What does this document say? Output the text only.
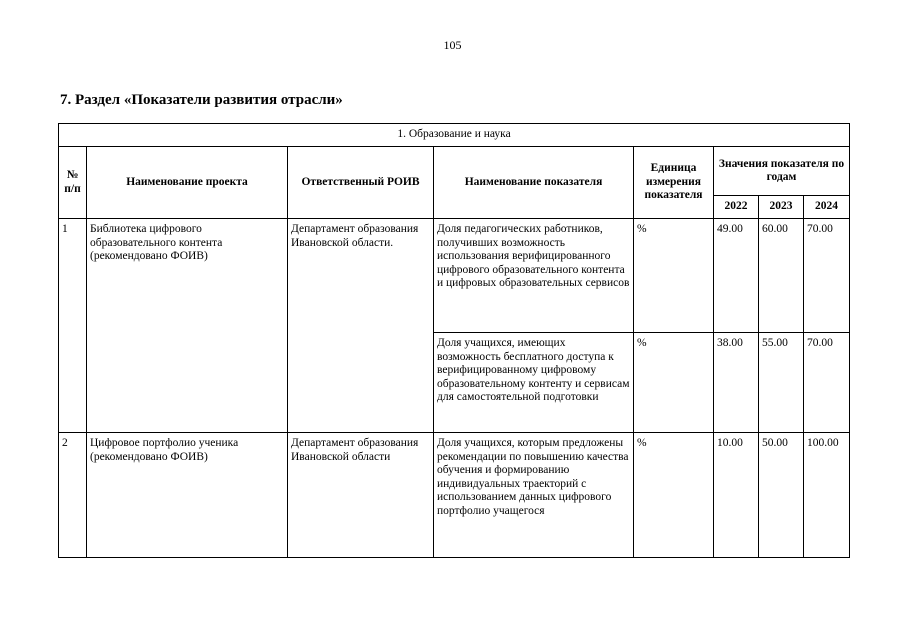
105
7. Раздел «Показатели развития отрасли»
1. Образование и наука							
№ п/п	Наименование проекта	Ответственный РОИВ	Наименование показателя	Единица измерения показателя	Значения показателя по годам		
					2022	2023	2024
1	Библиотека цифрового образовательного контента (рекомендовано ФОИВ)	Департамент образования Ивановской области.	Доля педагогических работников, получивших возможность использования верифицированного цифрового образовательного контента и цифровых образовательных сервисов	%	49.00	60.00	70.00
			Доля учащихся, имеющих возможность бесплатного доступа к верифицированному цифровому образовательному контенту и сервисам для самостоятельной подготовки	%	38.00	55.00	70.00
2	Цифровое портфолио ученика (рекомендовано ФОИВ)	Департамент образования Ивановской области	Доля учащихся, которым предложены рекомендации по повышению качества обучения и формированию индивидуальных траекторий с использованием данных цифрового портфолио учащегося	%	10.00	50.00	100.00
